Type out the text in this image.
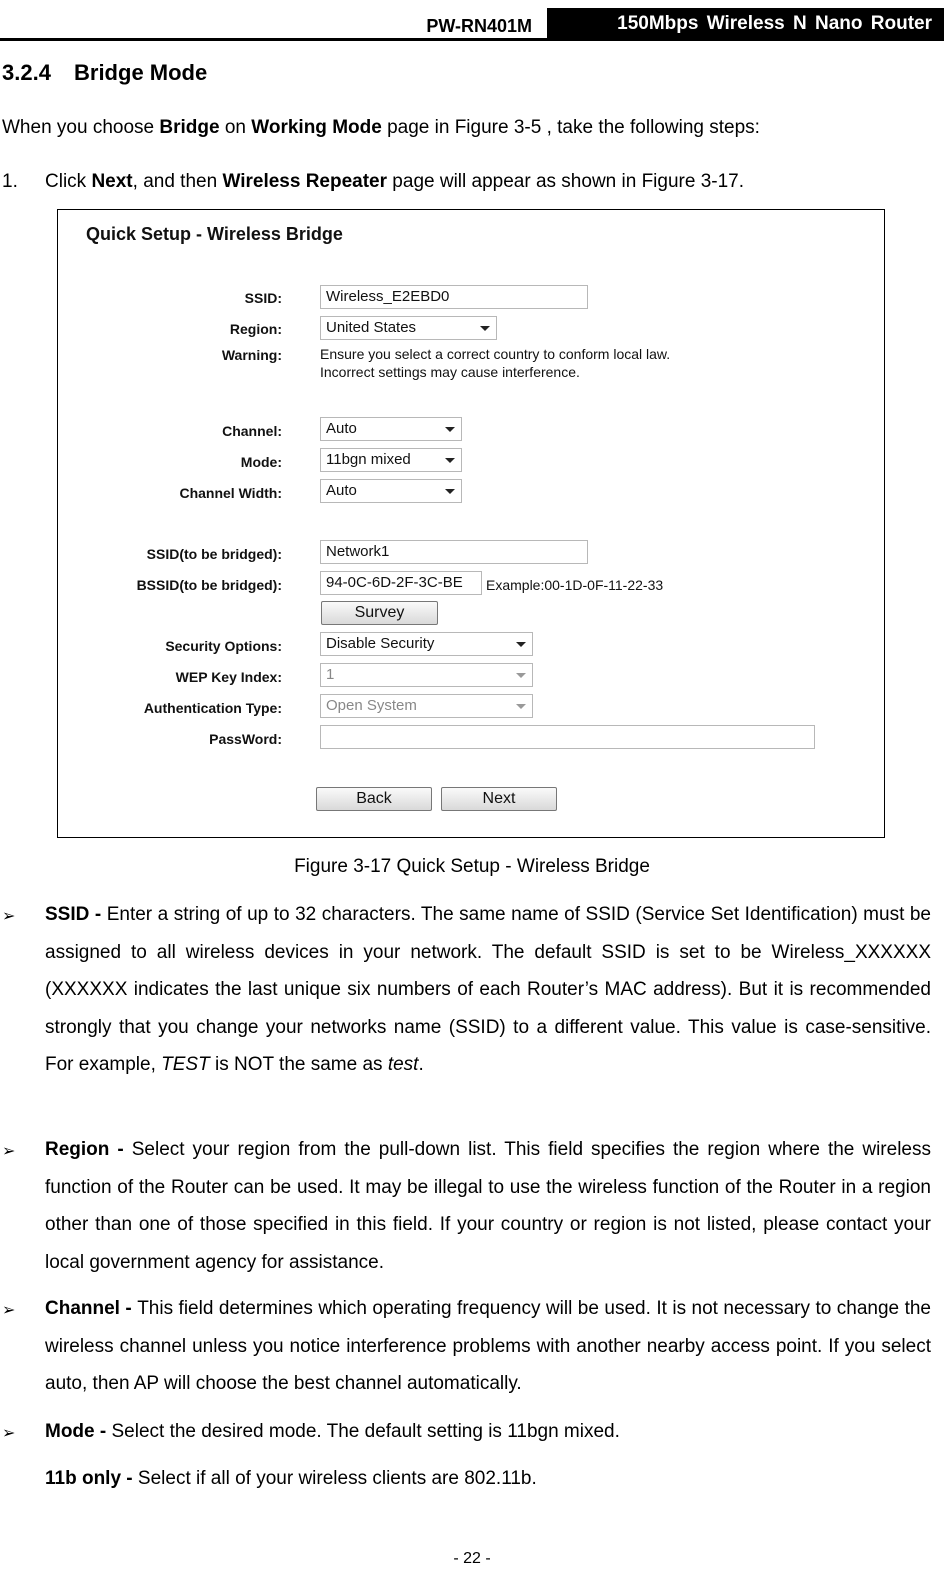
PW-RN401M	150Mbps Wireless N Nano Router
3.2.4 Bridge Mode
When you choose Bridge on Working Mode page in Figure 3-5 , take the following steps:
1. Click Next, and then Wireless Repeater page will appear as shown in Figure 3-17.
Quick Setup - Wireless Bridge
SSID:	Wireless_E2EBD0
Region:	United States
Warning:	Ensure you select a correct country to conform local law.
Incorrect settings may cause interference.
Channel:	Auto
Mode:	11bgn mixed
Channel Width:	Auto
SSID(to be bridged):	Network1
BSSID(to be bridged):	94-0C-6D-2F-3C-BE	Example:00-1D-0F-11-22-33
Survey
Security Options:	Disable Security
WEP Key Index:	1
Authentication Type:	Open System
PassWord:
Back	Next
Figure 3-17 Quick Setup - Wireless Bridge
➢ SSID - Enter a string of up to 32 characters. The same name of SSID (Service Set Identification) must be assigned to all wireless devices in your network. The default SSID is set to be Wireless_XXXXXX (XXXXXX indicates the last unique six numbers of each Router’s MAC address). But it is recommended strongly that you change your networks name (SSID) to a different value. This value is case-sensitive. For example, TEST is NOT the same as test.
➢ Region - Select your region from the pull-down list. This field specifies the region where the wireless function of the Router can be used. It may be illegal to use the wireless function of the Router in a region other than one of those specified in this field. If your country or region is not listed, please contact your local government agency for assistance.
➢ Channel - This field determines which operating frequency will be used. It is not necessary to change the wireless channel unless you notice interference problems with another nearby access point. If you select auto, then AP will choose the best channel automatically.
➢ Mode - Select the desired mode. The default setting is 11bgn mixed.
11b only - Select if all of your wireless clients are 802.11b.
- 22 -
